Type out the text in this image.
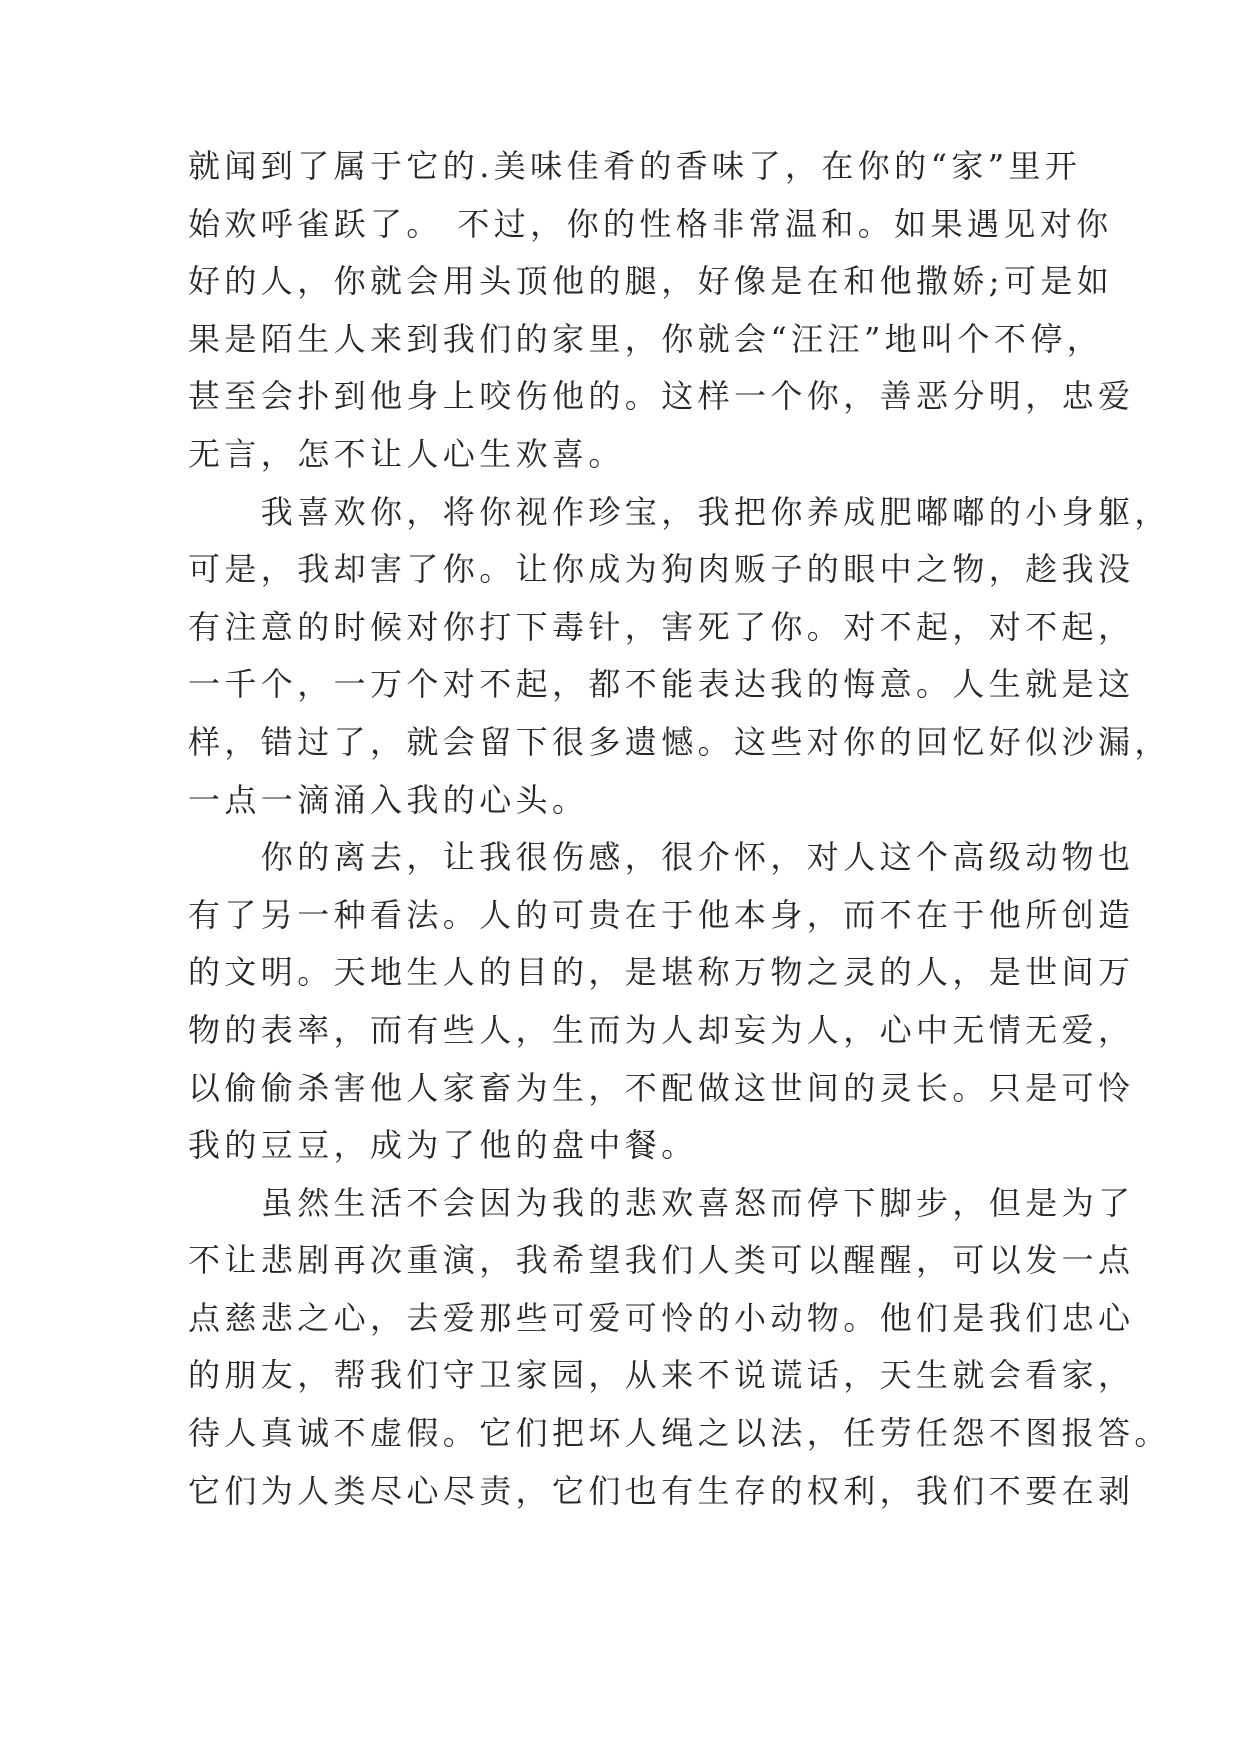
就闻到了属于它的.美味佳肴的香味了，在你的“家”里开
始欢呼雀跃了。 不过，你的性格非常温和。如果遇见对你
好的人，你就会用头顶他的腿，好像是在和他撒娇;可是如
果是陌生人来到我们的家里，你就会“汪汪”地叫个不停，
甚至会扑到他身上咬伤他的。这样一个你，善恶分明，忠爱
无言，怎不让人心生欢喜。
　　我喜欢你，将你视作珍宝，我把你养成肥嘟嘟的小身躯，
可是，我却害了你。让你成为狗肉贩子的眼中之物，趁我没
有注意的时候对你打下毒针，害死了你。对不起，对不起，
一千个，一万个对不起，都不能表达我的悔意。人生就是这
样，错过了，就会留下很多遗憾。这些对你的回忆好似沙漏，
一点一滴涌入我的心头。
　　你的离去，让我很伤感，很介怀，对人这个高级动物也
有了另一种看法。人的可贵在于他本身，而不在于他所创造
的文明。天地生人的目的，是堪称万物之灵的人，是世间万
物的表率，而有些人，生而为人却妄为人，心中无情无爱，
以偷偷杀害他人家畜为生，不配做这世间的灵长。只是可怜
我的豆豆，成为了他的盘中餐。
　　虽然生活不会因为我的悲欢喜怒而停下脚步，但是为了
不让悲剧再次重演，我希望我们人类可以醒醒，可以发一点
点慈悲之心，去爱那些可爱可怜的小动物。他们是我们忠心
的朋友，帮我们守卫家园，从来不说谎话，天生就会看家，
待人真诚不虚假。它们把坏人绳之以法，任劳任怨不图报答。
它们为人类尽心尽责，它们也有生存的权利，我们不要在剥
